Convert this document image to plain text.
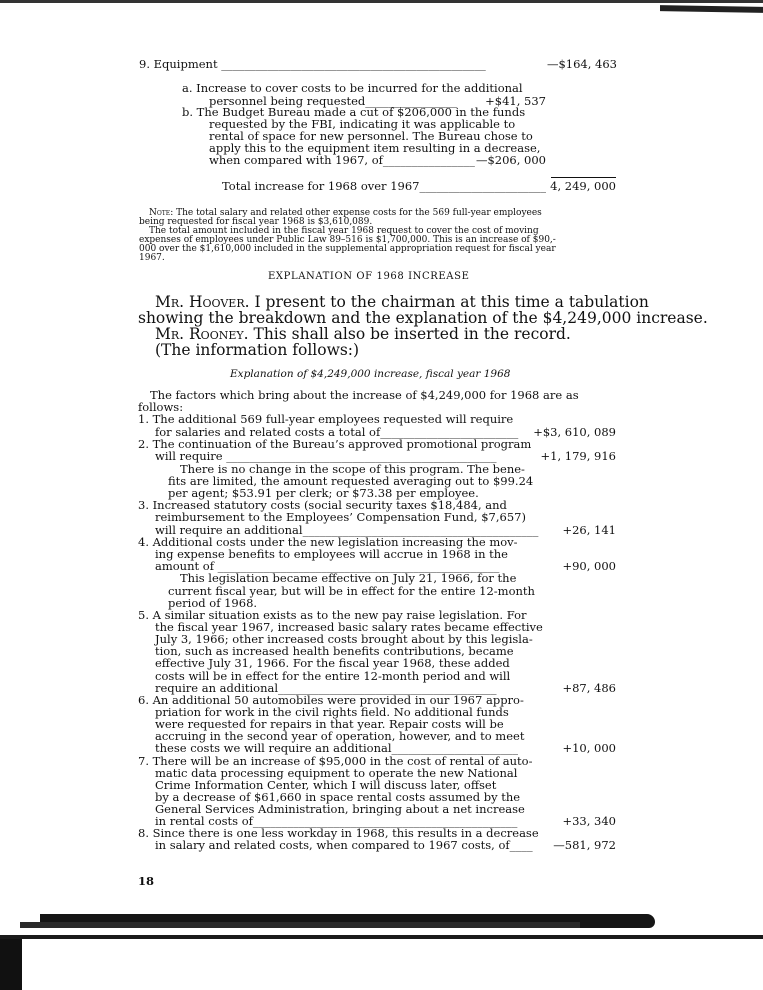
9. Equipment ______________________________________________	—$164, 463
a. Increase to cover costs to be incurred for the additional
personnel being requested________________	+$41, 537
b. The Budget Bureau made a cut of $206,000 in the funds
requested by the FBI, indicating it was applicable to
rental of space for new personnel. The Bureau chose to
apply this to the equipment item resulting in a decrease,
when compared with 1967, of________________ —$206, 000
Total increase for 1968 over 1967______________________ 4, 249, 000
Note: The total salary and related other expense costs for the 569 full-year employees
being requested for fiscal year 1968 is $3,610,089.
The total amount included in the fiscal year 1968 request to cover the cost of moving
expenses of employees under Public Law 89–516 is $1,700,000. This is an increase of $90,-
000 over the $1,610,000 included in the supplemental appropriation request for fiscal year
1967.
EXPLANATION OF 1968 INCREASE
Mr. Hoover. I present to the chairman at this time a tabulation
showing the breakdown and the explanation of the $4,249,000 increase.
Mr. Rooney. This shall also be inserted in the record.
(The information follows:)
Explanation of $4,249,000 increase, fiscal year 1968
The factors which bring about the increase of $4,249,000 for 1968 are as
follows:
1. The additional 569 full-year employees requested will require
for salaries and related costs a total of________________________ +$3, 610, 089
2. The continuation of the Bureau’s approved promotional program
will require _______________________________________________	+1, 179, 916
There is no change in the scope of this program. The bene-
fits are limited, the amount requested averaging out to $99.24
per agent; $53.91 per clerk; or $73.38 per employee.
3. Increased statutory costs (social security taxes $18,484, and
reimbursement to the Employees’ Compensation Fund, $7,657)
will require an additional_________________________________________	+26, 141
4. Additional costs under the new legislation increasing the mov-
ing expense benefits to employees will accrue in 1968 in the
amount of _________________________________________________	+90, 000
This legislation became effective on July 21, 1966, for the
current fiscal year, but will be in effect for the entire 12-month
period of 1968.
5. A similar situation exists as to the new pay raise legislation. For
the fiscal year 1967, increased basic salary rates became effective
July 3, 1966; other increased costs brought about by this legisla-
tion, such as increased health benefits contributions, became
effective July 31, 1966. For the fiscal year 1968, these added
costs will be in effect for the entire 12-month period and will
require an additional______________________________________	+87, 486
6. An additional 50 automobiles were provided in our 1967 appro-
priation for work in the civil rights field. No additional funds
were requested for repairs in that year. Repair costs will be
accruing in the second year of operation, however, and to meet
these costs we will require an additional______________________	+10, 000
7. There will be an increase of $95,000 in the cost of rental of auto-
matic data processing equipment to operate the new National
Crime Information Center, which I will discuss later, offset
by a decrease of $61,660 in space rental costs assumed by the
General Services Administration, bringing about a net increase
in rental costs of______________________________________________	+33, 340
8. Since there is one less workday in 1968, this results in a decrease
in salary and related costs, when compared to 1967 costs, of____	—581, 972
18
